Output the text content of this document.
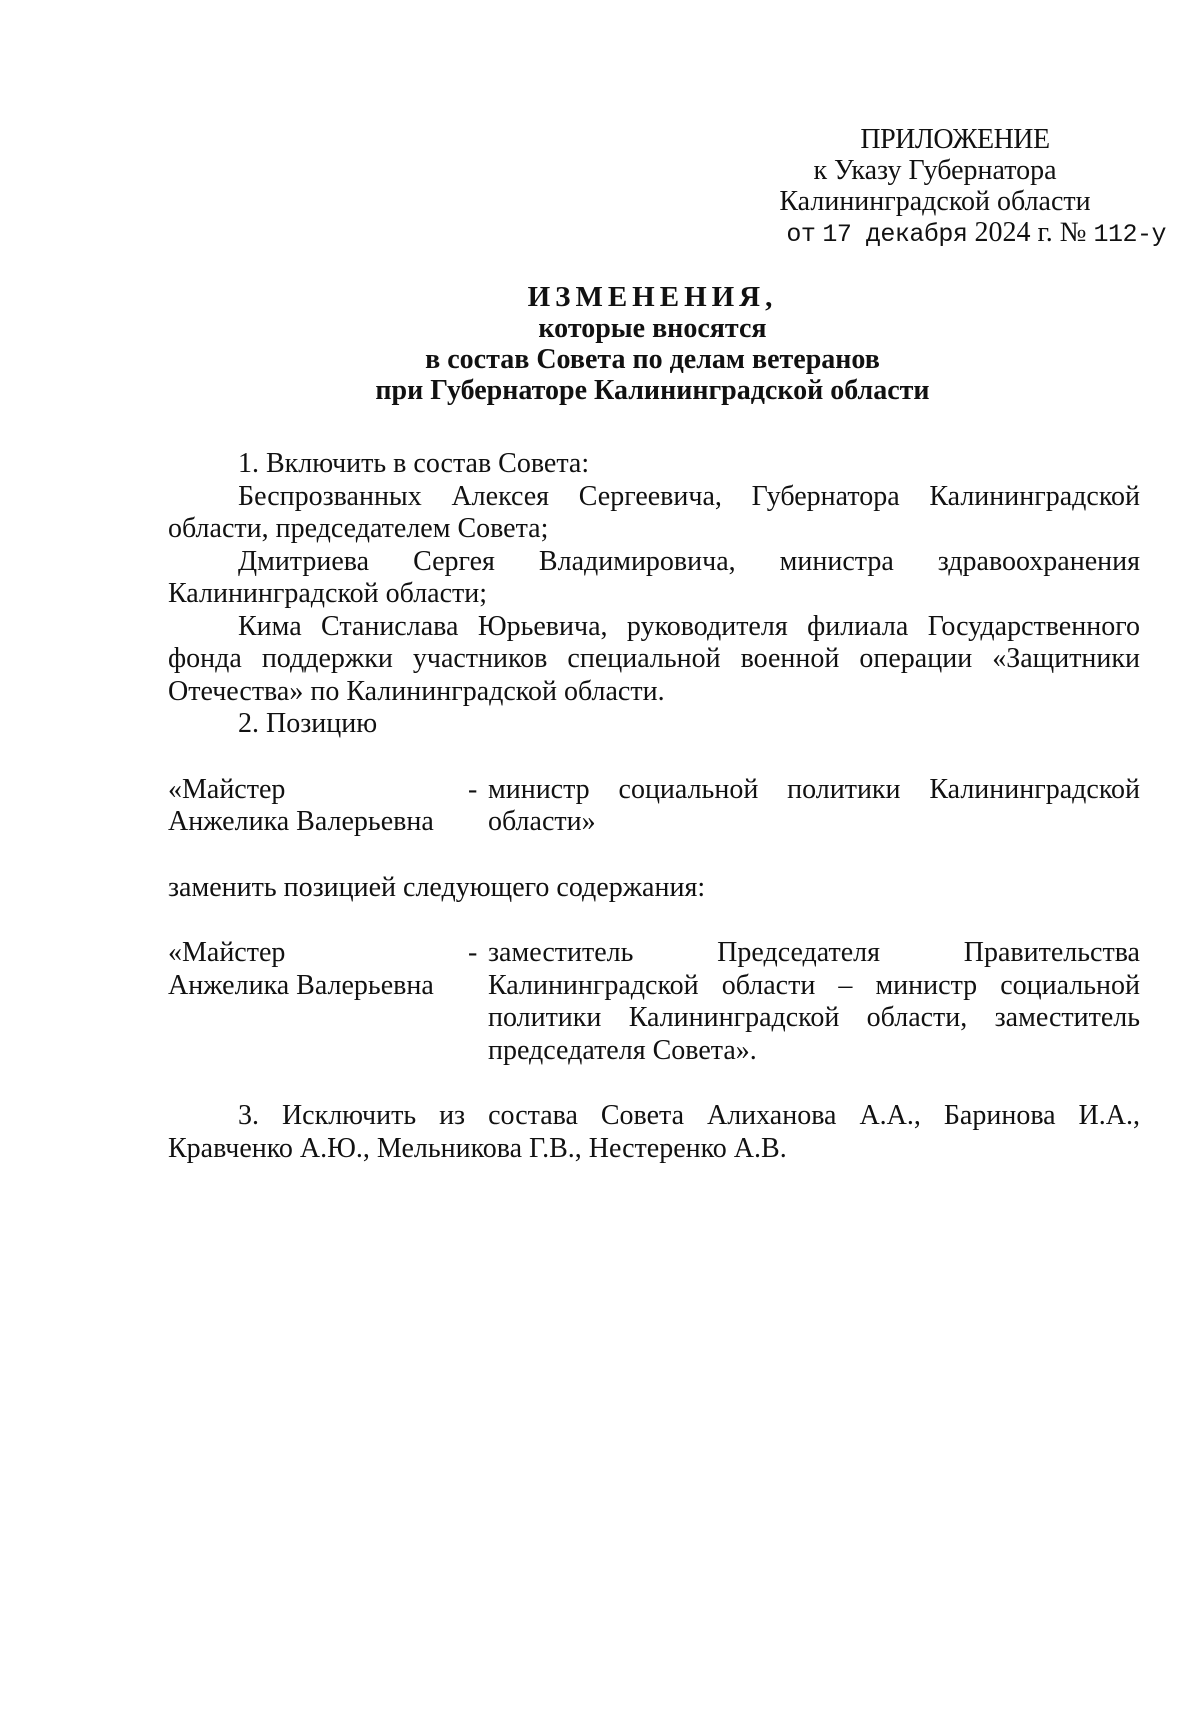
ПРИЛОЖЕНИЕ
к Указу Губернатора
Калининградской области
от 17 декабря 2024 г. № 112-у
ИЗМЕНЕНИЯ,
которые вносятся
в состав Совета по делам ветеранов
при Губернаторе Калининградской области

1. Включить в состав Совета:

Беспрозванных Алексея Сергеевича, Губернатора Калининградской области, председателем Совета;

Дмитриева Сергея Владимировича, министра здравоохранения Калининградской области;

Кима Станислава Юрьевича, руководителя филиала Государственного фонда поддержки участников специальной военной операции «Защитники Отечества» по Калининградской области.

2. Позицию

«Майстер
Анжелика Валерьевна
- министр социальной политики Калининградской области»

заменить позицией следующего содержания:

«Майстер
Анжелика Валерьевна
- заместитель Председателя Правительства Калининградской области – министр социальной политики Калининградской области, заместитель председателя Совета».

3. Исключить из состава Совета Алиханова А.А., Баринова И.А., Кравченко А.Ю., Мельникова Г.В., Нестеренко А.В.
